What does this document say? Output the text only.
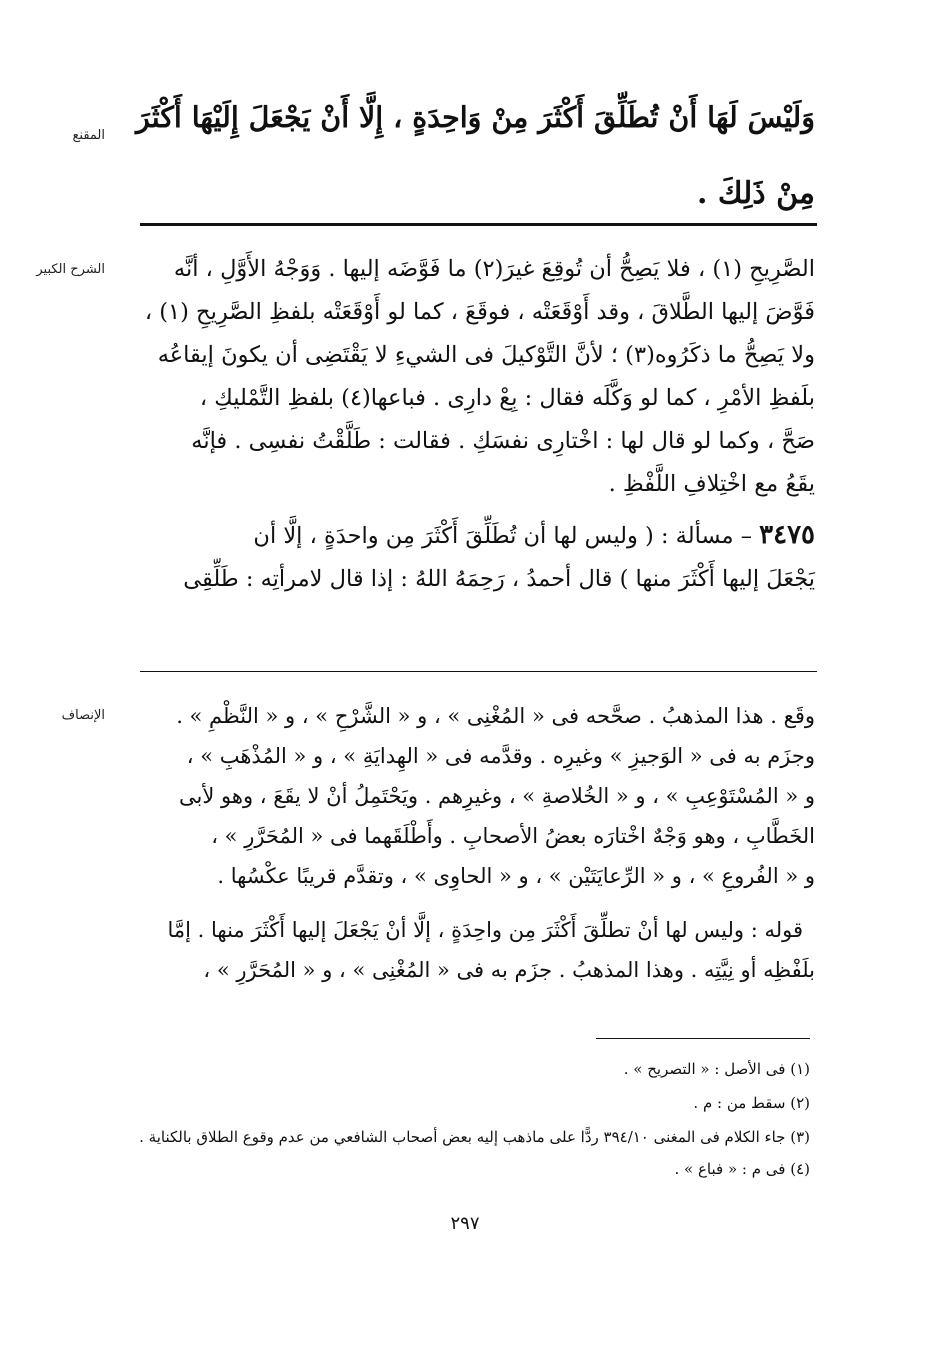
المقنع
وَلَيْسَ لَهَا أَنْ تُطَلِّقَ أَكْثَرَ مِنْ وَاحِدَةٍ ، إِلَّا أَنْ يَجْعَلَ إِلَيْهَا أَكْثَرَ
مِنْ ذَلِكَ .
الشرح الكبير	الصَّرِيحِ (١) ، فلا يَصِحُّ أن تُوقِعَ غيرَ(٢) ما فَوَّضَه إليها . وَوَجْهُ الأَوَّلِ ، أنَّه
فَوَّضَ إليها الطَّلاقَ ، وقد أَوْقَعَتْه ، فوقَعَ ، كما لو أَوْقَعَتْه بلفظِ الصَّرِيحِ (١) ،
ولا يَصِحُّ ما ذكَرُوه(٣) ؛ لأنَّ التَّوْكيلَ فى الشيءِ لا يَقْتَضِى أن يكونَ إيقاعُه
بلَفظِ الأمْرِ ، كما لو وَكَّلَه فقال : بِعْ دارِى . فباعها(٤) بلفظِ التَّمْليكِ ،
صَحَّ ، وكما لو قال لها : اخْتارِى نفسَكِ . فقالت : طَلَّقْتُ نفسِى . فإنَّه
يقَعُ مع اخْتِلافِ اللَّفْظِ .
٣٤٧٥ – مسألة : ( وليس لها أن تُطَلِّقَ أَكْثَرَ مِن واحدَةٍ ، إلَّا أن
يَجْعَلَ إليها أَكْثَرَ منها ) قال أحمدُ ، رَحِمَهُ اللهُ : إذا قال لامرأتِه : طَلِّقِى
الإنصاف	وقَع . هذا المذهبُ . صحَّحه فى « المُغْنِى » ، و « الشَّرْحِ » ، و « النَّظْمِ » .
وجزَم به فى « الوَجيزِ » وغيرِه . وقدَّمه فى « الهِدايَةِ » ، و « المُذْهَبِ » ،
و « المُسْتَوْعِبِ » ، و « الخُلاصةِ » ، وغيرِهم . ويَحْتَمِلُ أنْ لا يقَعَ ، وهو لأبى
الخَطَّابِ ، وهو وَجْهٌ اخْتارَه بعضُ الأصحابِ . وأَطْلَقَهما فى « المُحَرَّرِ » ،
و « الفُروعِ » ، و « الرِّعايَتَيْن » ، و « الحاوِى » ، وتقدَّم قريبًا عكْسُها .
قوله : وليس لها أنْ تطلِّقَ أَكْثَرَ مِن واحِدَةٍ ، إلَّا أنْ يَجْعَلَ إليها أَكْثَرَ منها . إمَّا
بلَفْظِه أو نِيَّتِه . وهذا المذهبُ . جزَم به فى « المُغْنِى » ، و « المُحَرَّرِ » ،
(١) فى الأصل : « التصريح » .
(٢) سقط من : م .
(٣) جاء الكلام فى المغنى ٣٩٤/١٠ ردًّا على ماذهب إليه بعض أصحاب الشافعي من عدم وقوع الطلاق بالكناية .
(٤) فى م : « فباع » .
٢٩٧
